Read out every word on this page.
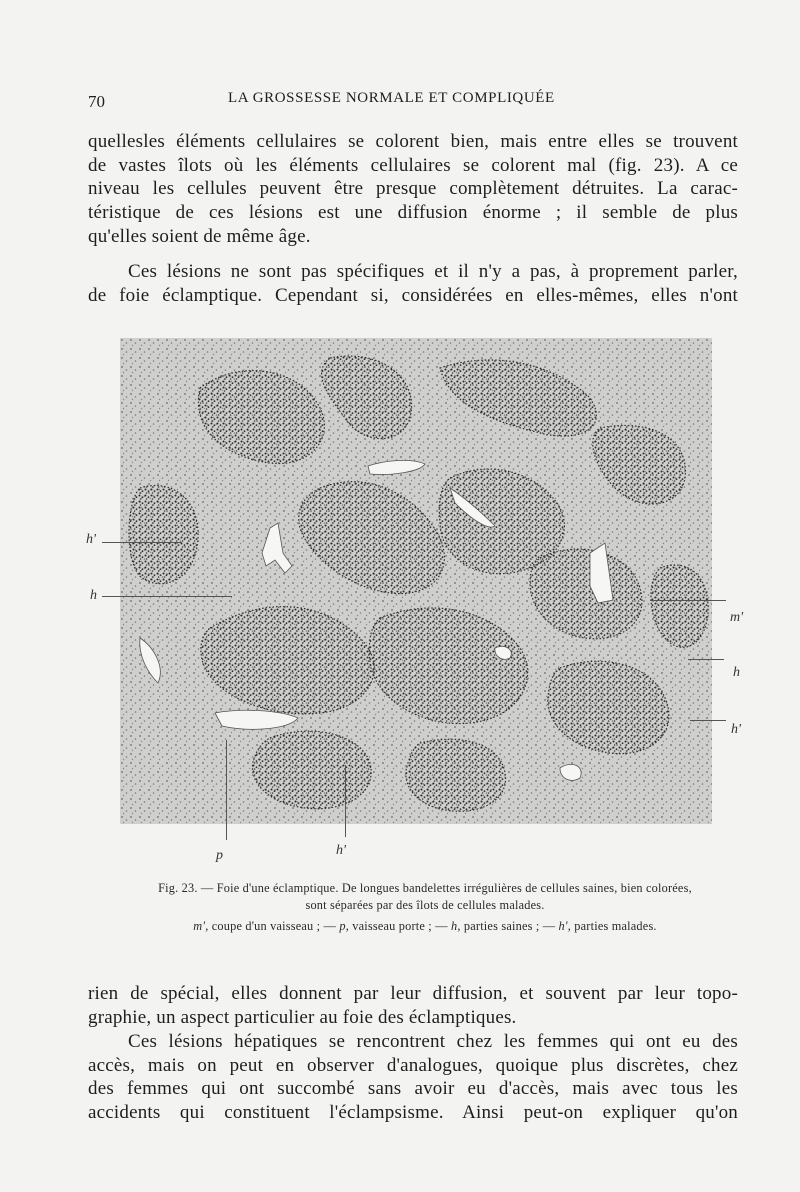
70	LA GROSSESSE NORMALE ET COMPLIQUÉE

quellesles éléments cellulaires se colorent bien, mais entre elles se trouvent
de vastes îlots où les éléments cellulaires se colorent mal (fig. 23). A ce
niveau les cellules peuvent être presque complètement détruites. La carac-
téristique de ces lésions est une diffusion énorme ; il semble de plus
qu'elles soient de même âge.

Ces lésions ne sont pas spécifiques et il n'y a pas, à proprement parler,
de foie éclamptique. Cependant si, considérées en elles-mêmes, elles n'ont

h'
h
m'
h
h'
p	h'
Fig. 23. — Foie d'une éclamptique. De longues bandelettes irrégulières de cellules saines, bien colorées,
sont séparées par des îlots de cellules malades.
m', coupe d'un vaisseau ; — p, vaisseau porte ; — h, parties saines ; — h', parties malades.

rien de spécial, elles donnent par leur diffusion, et souvent par leur topo-
graphie, un aspect particulier au foie des éclamptiques.

Ces lésions hépatiques se rencontrent chez les femmes qui ont eu des
accès, mais on peut en observer d'analogues, quoique plus discrètes, chez
des femmes qui ont succombé sans avoir eu d'accès, mais avec tous les
accidents qui constituent l'éclampsisme. Ainsi peut-on expliquer qu'on
